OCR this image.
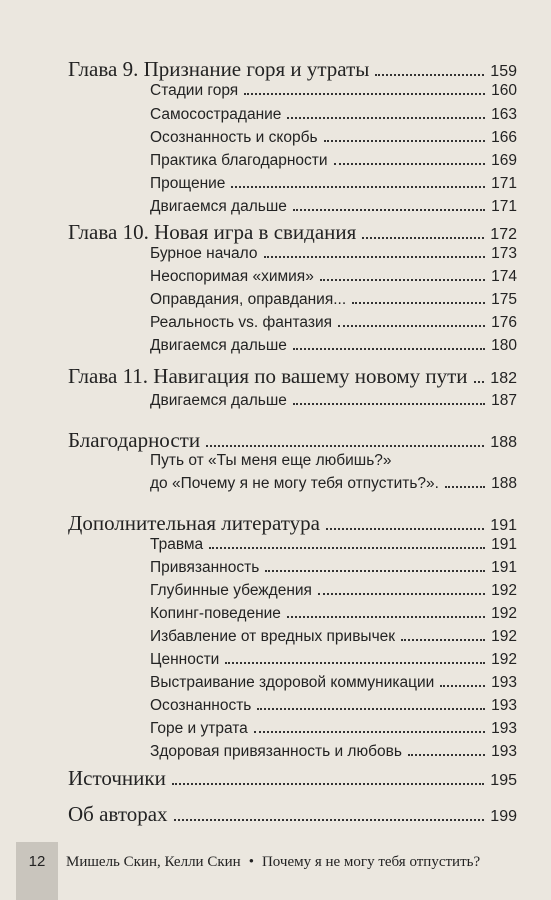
Глава 9. Признание горя и утраты	159
Стадии горя	160
Самосострадание	163
Осознанность и скорбь	166
Практика благодарности	169
Прощение	171
Двигаемся дальше	171
Глава 10. Новая игра в свидания	172
Бурное начало	173
Неоспоримая «химия»	174
Оправдания, оправдания...	175
Реальность vs. фантазия	176
Двигаемся дальше	180
Глава 11. Навигация по вашему новому пути 182
Двигаемся дальше	187
Благодарности	188
Путь от «Ты меня еще любишь?»
до «Почему я не могу тебя отпустить?».	188
Дополнительная литература	191
Травма	191
Привязанность	191
Глубинные убеждения	192
Копинг-поведение	192
Избавление от вредных привычек	192
Ценности	192
Выстраивание здоровой коммуникации	193
Осознанность	193
Горе и утрата	193
Здоровая привязанность и любовь	193
Источники	195
Об авторах	199
12	Мишель Скин, Келли Скин • Почему я не могу тебя отпустить?
